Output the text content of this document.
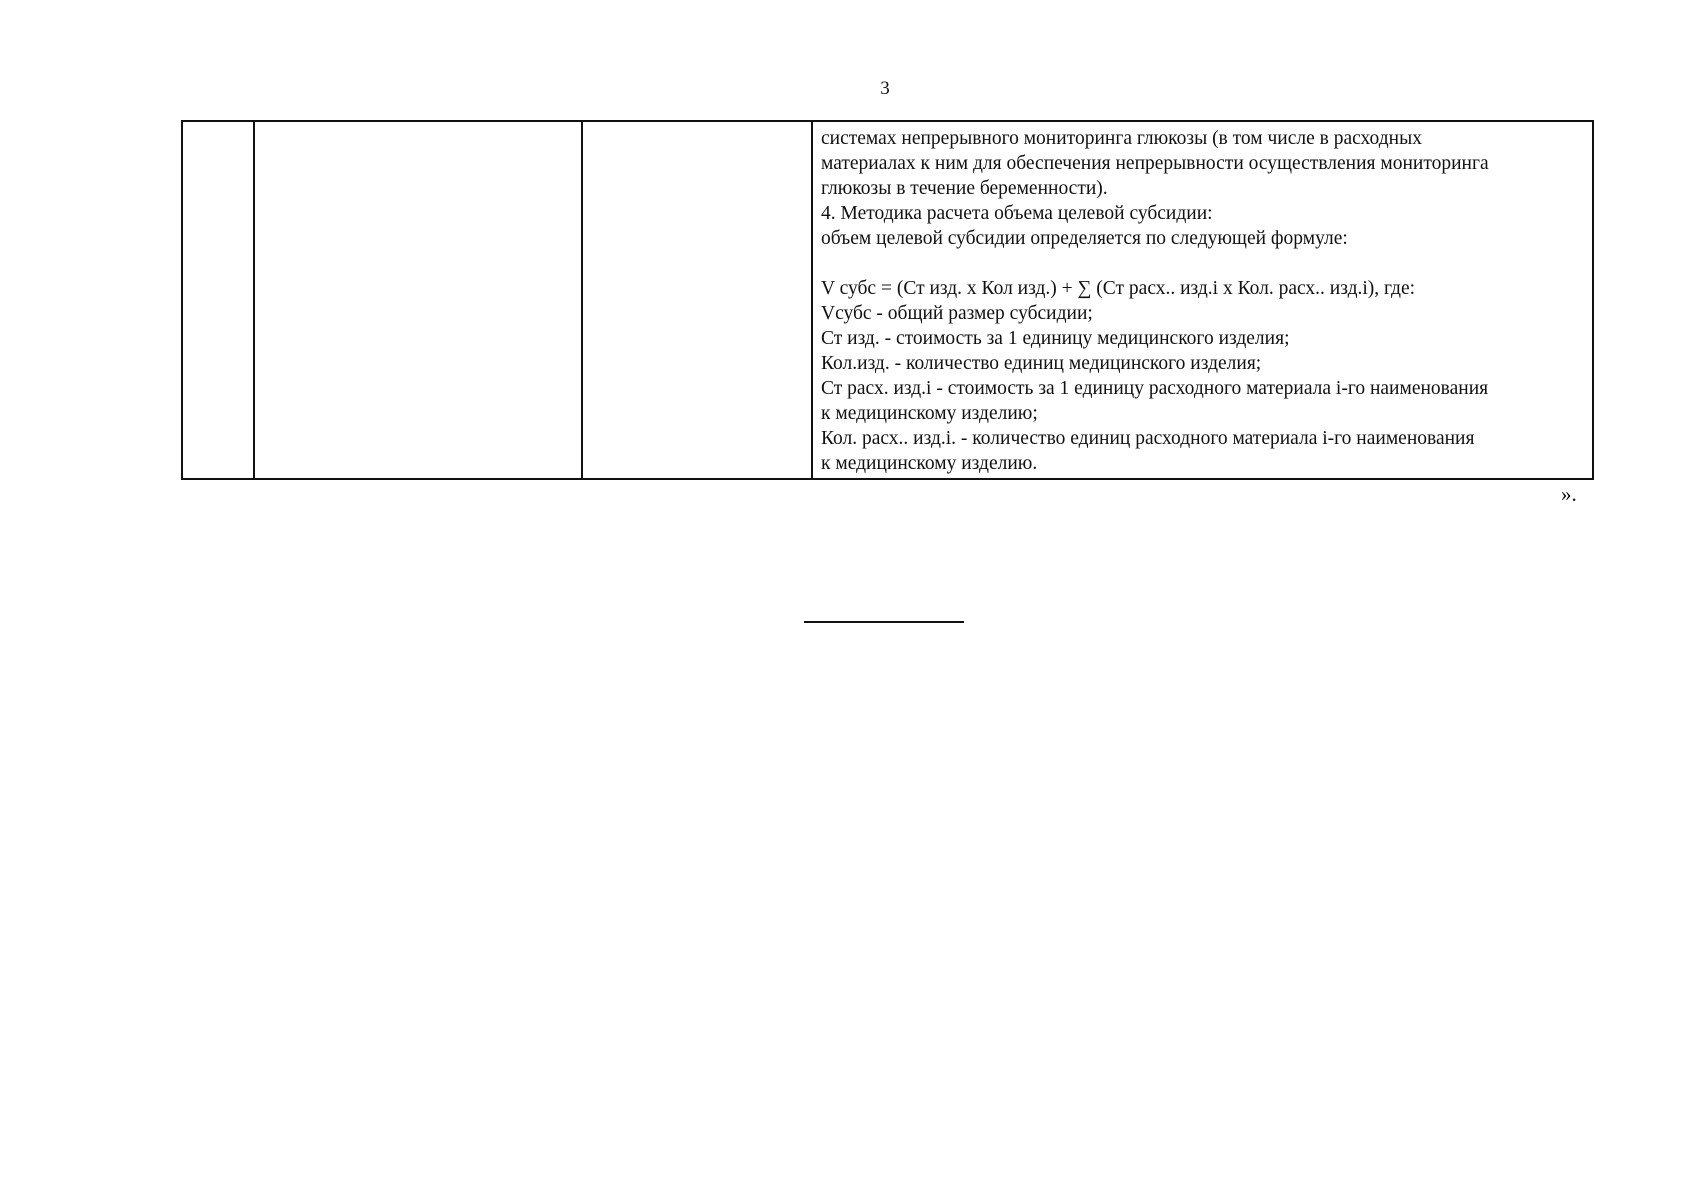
3

системах непрерывного мониторинга глюкозы (в том числе в расходных
материалах к ним для обеспечения непрерывности осуществления мониторинга
глюкозы в течение беременности).
4. Методика расчета объема целевой субсидии:
объем целевой субсидии определяется по следующей формуле:
V субс = (Ст изд. х Кол изд.) + ∑ (Ст расх.. изд.i х Кол. расх.. изд.i), где:
Vсубс - общий размер субсидии;
Ст изд. - стоимость за 1 единицу медицинского изделия;
Кол.изд. - количество единиц медицинского изделия;
Ст расх. изд.i - стоимость за 1 единицу расходного материала i-го наименования
к медицинскому изделию;
Кол. расх.. изд.i. - количество единиц расходного материала i-го наименования
к медицинскому изделию.
».
